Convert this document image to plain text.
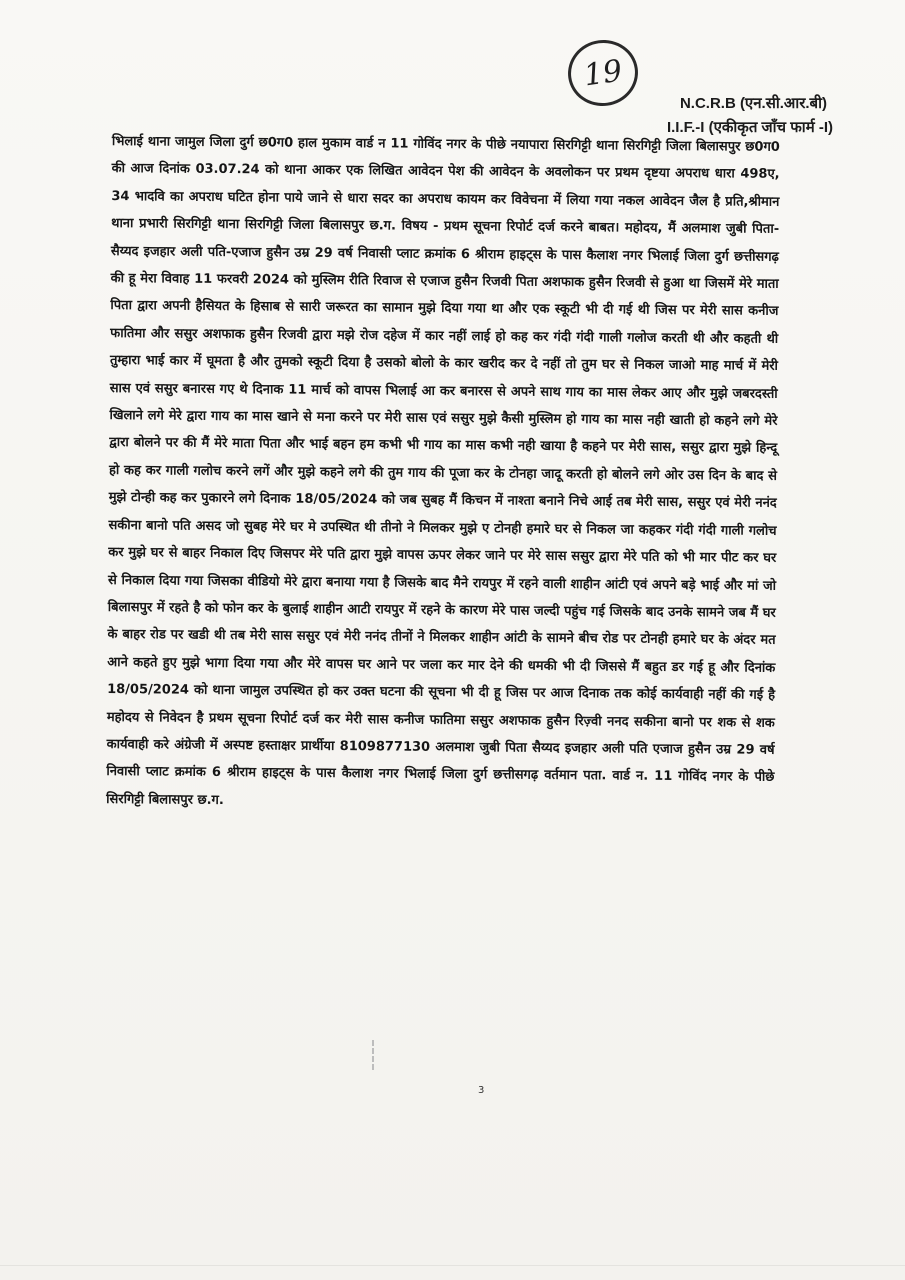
19
N.C.R.B (एन.सी.आर.बी)
I.I.F.-I (एकीकृत जाँच फार्म -I)
भिलाई थाना जामुल जिला दुर्ग छ0ग0 हाल मुकाम वार्ड न 11 गोविंद नगर के पीछे नयापारा सिरगिट्टी थाना सिरगिट्टी जिला बिलासपुर छ0ग0 की आज दिनांक 03.07.24 को थाना आकर एक लिखित आवेदन पेश की आवेदन के अवलोकन पर प्रथम दृष्टया अपराध धारा 498ए, 34 भादवि का अपराध घटित होना पाये जाने से धारा सदर का अपराध कायम कर विवेचना में लिया गया नकल आवेदन जैल है प्रति,श्रीमान थाना प्रभारी सिरगिट्टी थाना सिरगिट्टी जिला बिलासपुर छ.ग. विषय - प्रथम सूचना रिपोर्ट दर्ज करने बाबत। महोदय, मैं अलमाश जुबी पिता-सैय्यद इजहार अली पति-एजाज हुसैन उम्र 29 वर्ष निवासी प्लाट क्रमांक 6 श्रीराम हाइट्स के पास कैलाश नगर भिलाई जिला दुर्ग छत्तीसगढ़ की हू मेरा विवाह 11 फरवरी 2024 को मुस्लिम रीति रिवाज से एजाज हुसैन रिजवी पिता अशफाक हुसैन रिजवी से हुआ था जिसमें मेरे माता पिता द्वारा अपनी हैसियत के हिसाब से सारी जरूरत का सामान मुझे दिया गया था और एक स्कूटी भी दी गई थी जिस पर मेरी सास कनीज फातिमा और ससुर अशफाक हुसैन रिजवी द्वारा मझे रोज दहेज में कार नहीं लाई हो कह कर गंदी गंदी गाली गलोज करती थी और कहती थी तुम्हारा भाई कार में घूमता है और तुमको स्कूटी दिया है उसको बोलो के कार खरीद कर दे नहीं तो तुम घर से निकल जाओ माह मार्च में मेरी सास एवं ससुर बनारस गए थे दिनाक 11 मार्च को वापस भिलाई आ कर बनारस से अपने साथ गाय का मास लेकर आए और मुझे जबरदस्ती खिलाने लगे मेरे द्वारा गाय का मास खाने से मना करने पर मेरी सास एवं ससुर मुझे कैसी मुस्लिम हो गाय का मास नही खाती हो कहने लगे मेरे द्वारा बोलने पर की मैं मेरे माता पिता और भाई बहन हम कभी भी गाय का मास कभी नही खाया है कहने पर मेरी सास, ससुर द्वारा मुझे हिन्दू हो कह कर गाली गलोच करने लगें और मुझे कहने लगे की तुम गाय की पूजा कर के टोनहा जादू करती हो बोलने लगे ओर उस दिन के बाद से मुझे टोन्ही कह कर पुकारने लगे दिनाक 18/05/2024 को जब सुबह मैं किचन में नाश्ता बनाने निचे आई तब मेरी सास, ससुर एवं मेरी ननंद सकीना बानो पति असद जो सुबह मेरे घर मे उपस्थित थी तीनो ने मिलकर मुझे ए टोनही हमारे घर से निकल जा कहकर गंदी गंदी गाली गलोच कर मुझे घर से बाहर निकाल दिए जिसपर मेरे पति द्वारा मुझे वापस ऊपर लेकर जाने पर मेरे सास ससुर द्वारा मेरे पति को भी मार पीट कर घर से निकाल दिया गया जिसका वीडियो मेरे द्वारा बनाया गया है जिसके बाद मैने रायपुर में रहने वाली शाहीन आंटी एवं अपने बड़े भाई और मां जो बिलासपुर में रहते है को फोन कर के बुलाई शाहीन आटी रायपुर में रहने के कारण मेरे पास जल्दी पहुंच गई जिसके बाद उनके सामने जब मैं घर के बाहर रोड पर खडी थी तब मेरी सास ससुर एवं मेरी ननंद तीनों ने मिलकर शाहीन आंटी के सामने बीच रोड पर टोनही हमारे घर के अंदर मत आने कहते हुए मुझे भागा दिया गया और मेरे वापस घर आने पर जला कर मार देने की धमकी भी दी जिससे मैं बहुत डर गई हू और दिनांक 18/05/2024 को थाना जामुल उपस्थित हो कर उक्त घटना की सूचना भी दी हू जिस पर आज दिनाक तक कोई कार्यवाही नहीं की गई है महोदय से निवेदन है प्रथम सूचना रिपोर्ट दर्ज कर मेरी सास कनीज फातिमा ससुर अशफाक हुसैन रिज़्वी ननद सकीना बानो पर शक से शक कार्यवाही करे अंग्रेजी में अस्पष्ट हस्ताक्षर प्रार्थीया 8109877130 अलमाश जुबी पिता सैय्यद इजहार अली पति एजाज हुसैन उम्र 29 वर्ष निवासी प्लाट क्रमांक 6 श्रीराम हाइट्स के पास कैलाश नगर भिलाई जिला दुर्ग छत्तीसगढ़ वर्तमान पता. वार्ड न. 11 गोविंद नगर के पीछे सिरगिट्टी बिलासपुर छ.ग.
3
